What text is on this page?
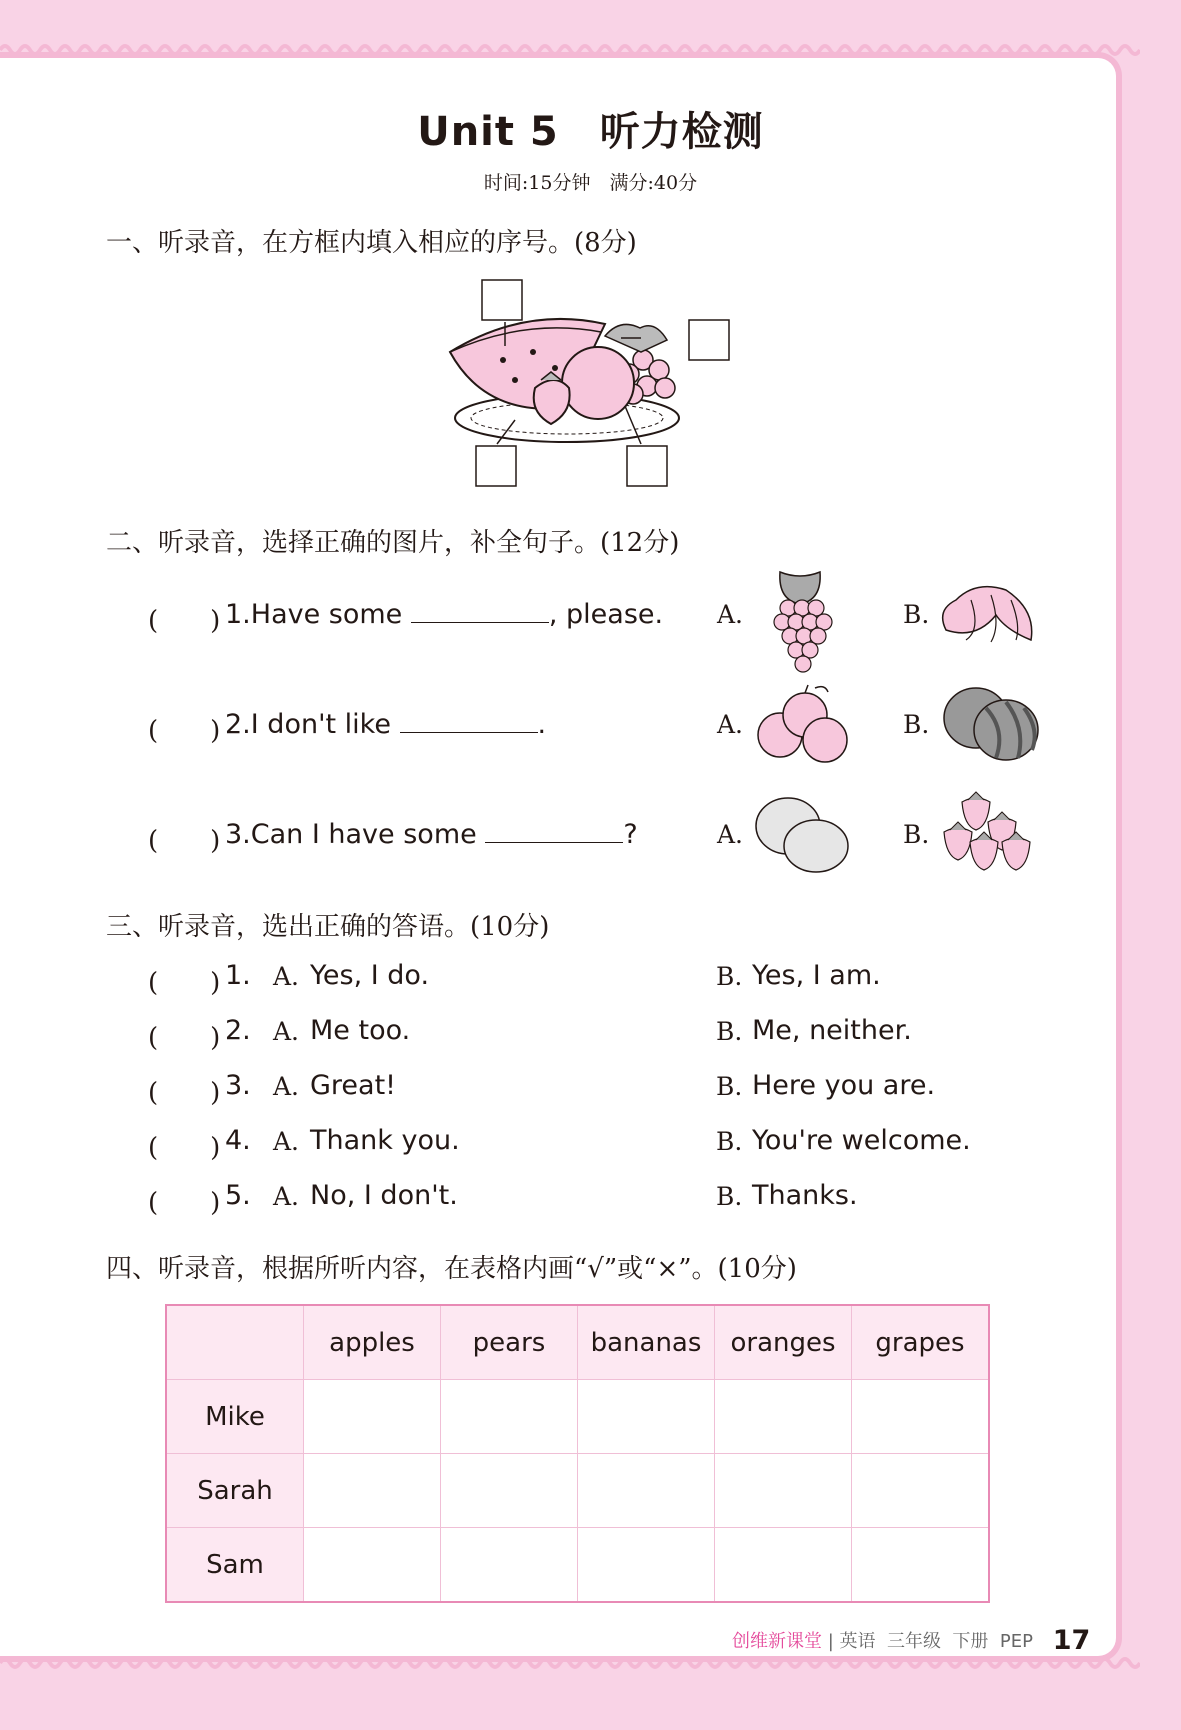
Unit 5　听力检测
时间:15分钟　满分:40分
一、听录音，在方框内填入相应的序号。(8分)
二、听录音，选择正确的图片，补全句子。(12分)
(　　) 1.Have some	, please. A.	B.
(　　) 2.I don't like	.	A.	B.
(　　) 3.Can I have some	?	A.	B.
三、听录音，选出正确的答语。(10分)
(　　) 1. A. Yes, I do.	B. Yes, I am.
(　　) 2. A. Me too.	B. Me, neither.
(　　) 3. A. Great!	B. Here you are.
(　　) 4. A. Thank you.	B. You're welcome.
(　　) 5. A. No, I don't.	B. Thanks.
四、听录音，根据所听内容，在表格内画“√”或“×”。(10分)
	apples	pears	bananas	oranges	grapes
Mike					
Sarah					
Sam					
创维新课堂 | 英语  三年级  下册  PEP 17
